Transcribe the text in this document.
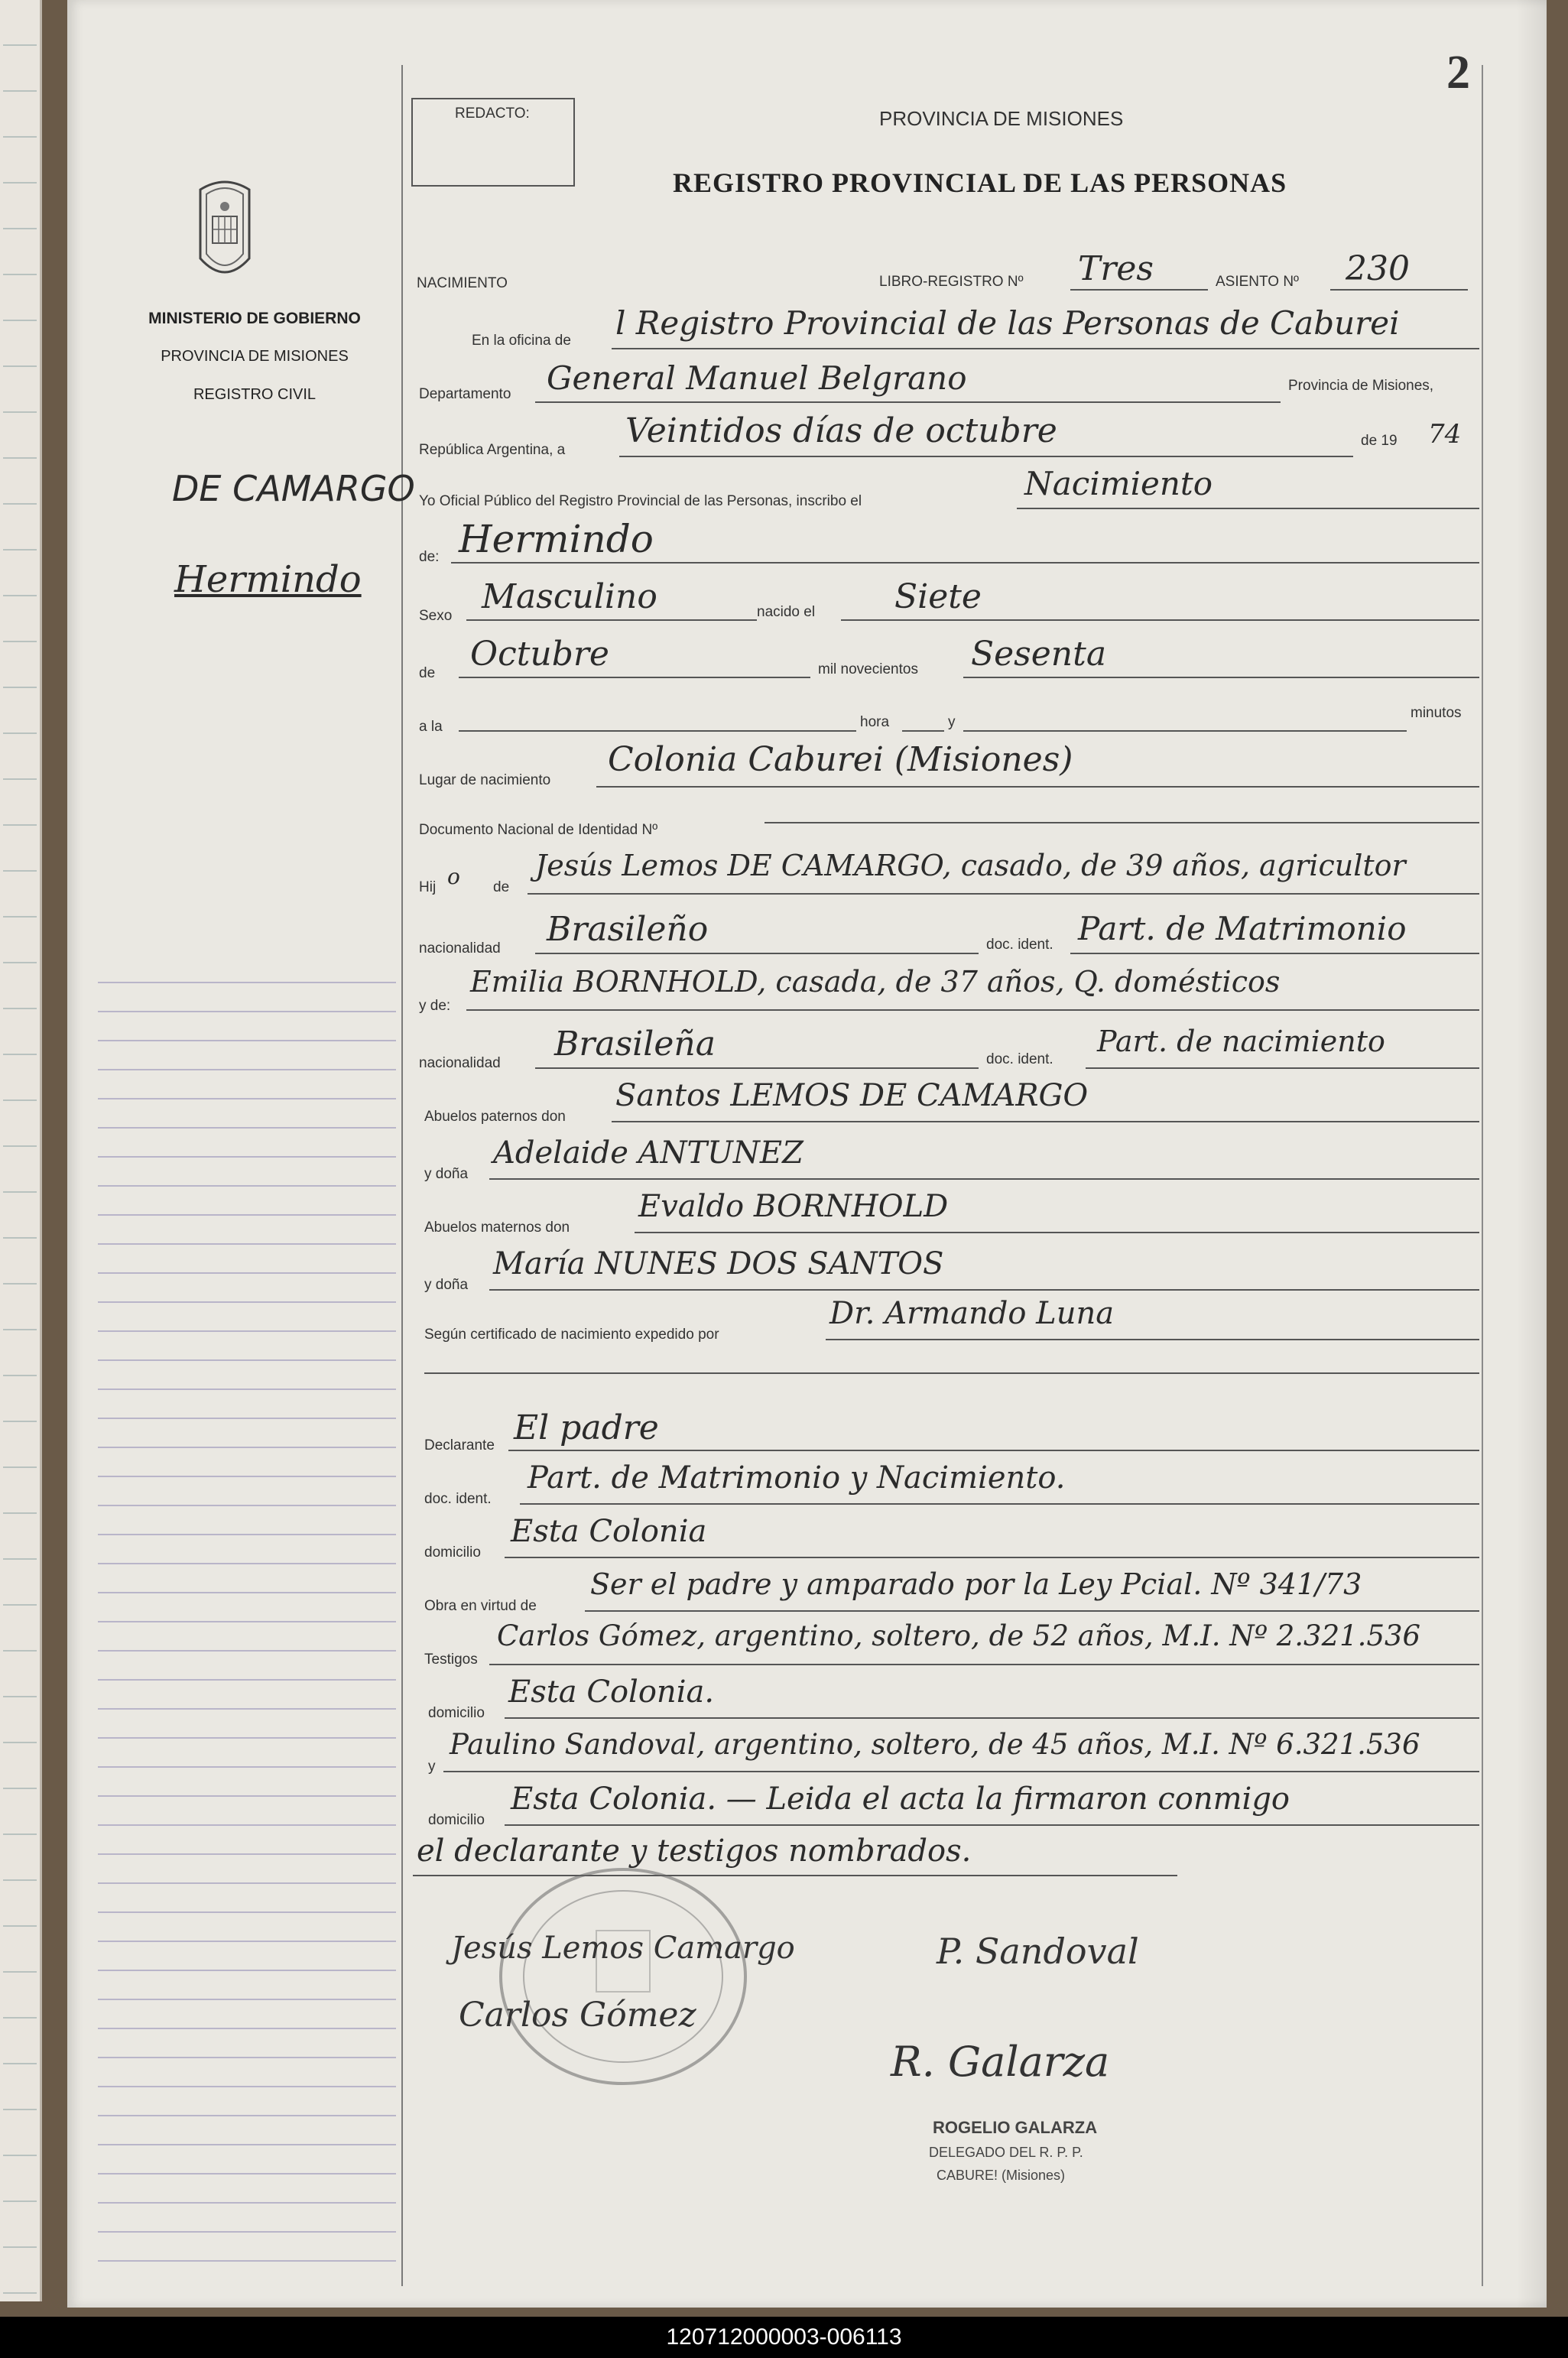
2
MINISTERIO DE GOBIERNO
PROVINCIA DE MISIONES
REGISTRO CIVIL
DE CAMARGO
Hermindo
REDACTO:	PROVINCIA DE MISIONES
REGISTRO PROVINCIAL DE LAS PERSONAS
NACIMIENTO	LIBRO-REGISTRO Nº Tres	ASIENTO Nº 230
En la oficina de l Registro Provincial de las Personas de Caburei
Departamento General Manuel Belgrano	Provincia de Misiones,
República Argentina, a Veintidos días de octubre	de 19 74
Yo Oficial Público del Registro Provincial de las Personas, inscribo el	Nacimiento
de: Hermindo
Sexo Masculino	nacido el Siete
de Octubre	mil novecientos Sesenta
a la	hora	y
minutos
Lugar de nacimiento
Colonia Caburei (Misiones)
Documento Nacional de Identidad Nº
Hij o de
Jesús Lemos DE CAMARGO, casado, de 39 años, agricultor
nacionalidad Brasileño	doc. ident. Part. de Matrimonio
y de:
Emilia BORNHOLD, casada, de 37 años, Q. domésticos
nacionalidad Brasileña	doc. ident.
Part. de nacimiento
Abuelos paternos don
Santos LEMOS DE CAMARGO
y doña
Adelaide ANTUNEZ
Abuelos maternos don
Evaldo BORNHOLD
y doña
María NUNES DOS SANTOS
Según certificado de nacimiento expedido por
Dr. Armando Luna
Declarante El padre
doc. ident.
Part. de Matrimonio y Nacimiento.
domicilio
Esta Colonia
Obra en virtud de
Ser el padre y amparado por la Ley Pcial. Nº 341/73
Testigos
Carlos Gómez, argentino, soltero, de 52 años, M.I. Nº 2.321.536
domicilio
Esta Colonia.
y
Paulino Sandoval, argentino, soltero, de 45 años, M.I. Nº 6.321.536
domicilio
Esta Colonia. — Leida el acta la firmaron conmigo
el declarante y testigos nombrados.
Jesús Lemos Camargo
Carlos Gómez
P. Sandoval
R. Galarza
ROGELIO GALARZA
DELEGADO DEL R. P. P.
CABURE! (Misiones)
120712000003-006113
